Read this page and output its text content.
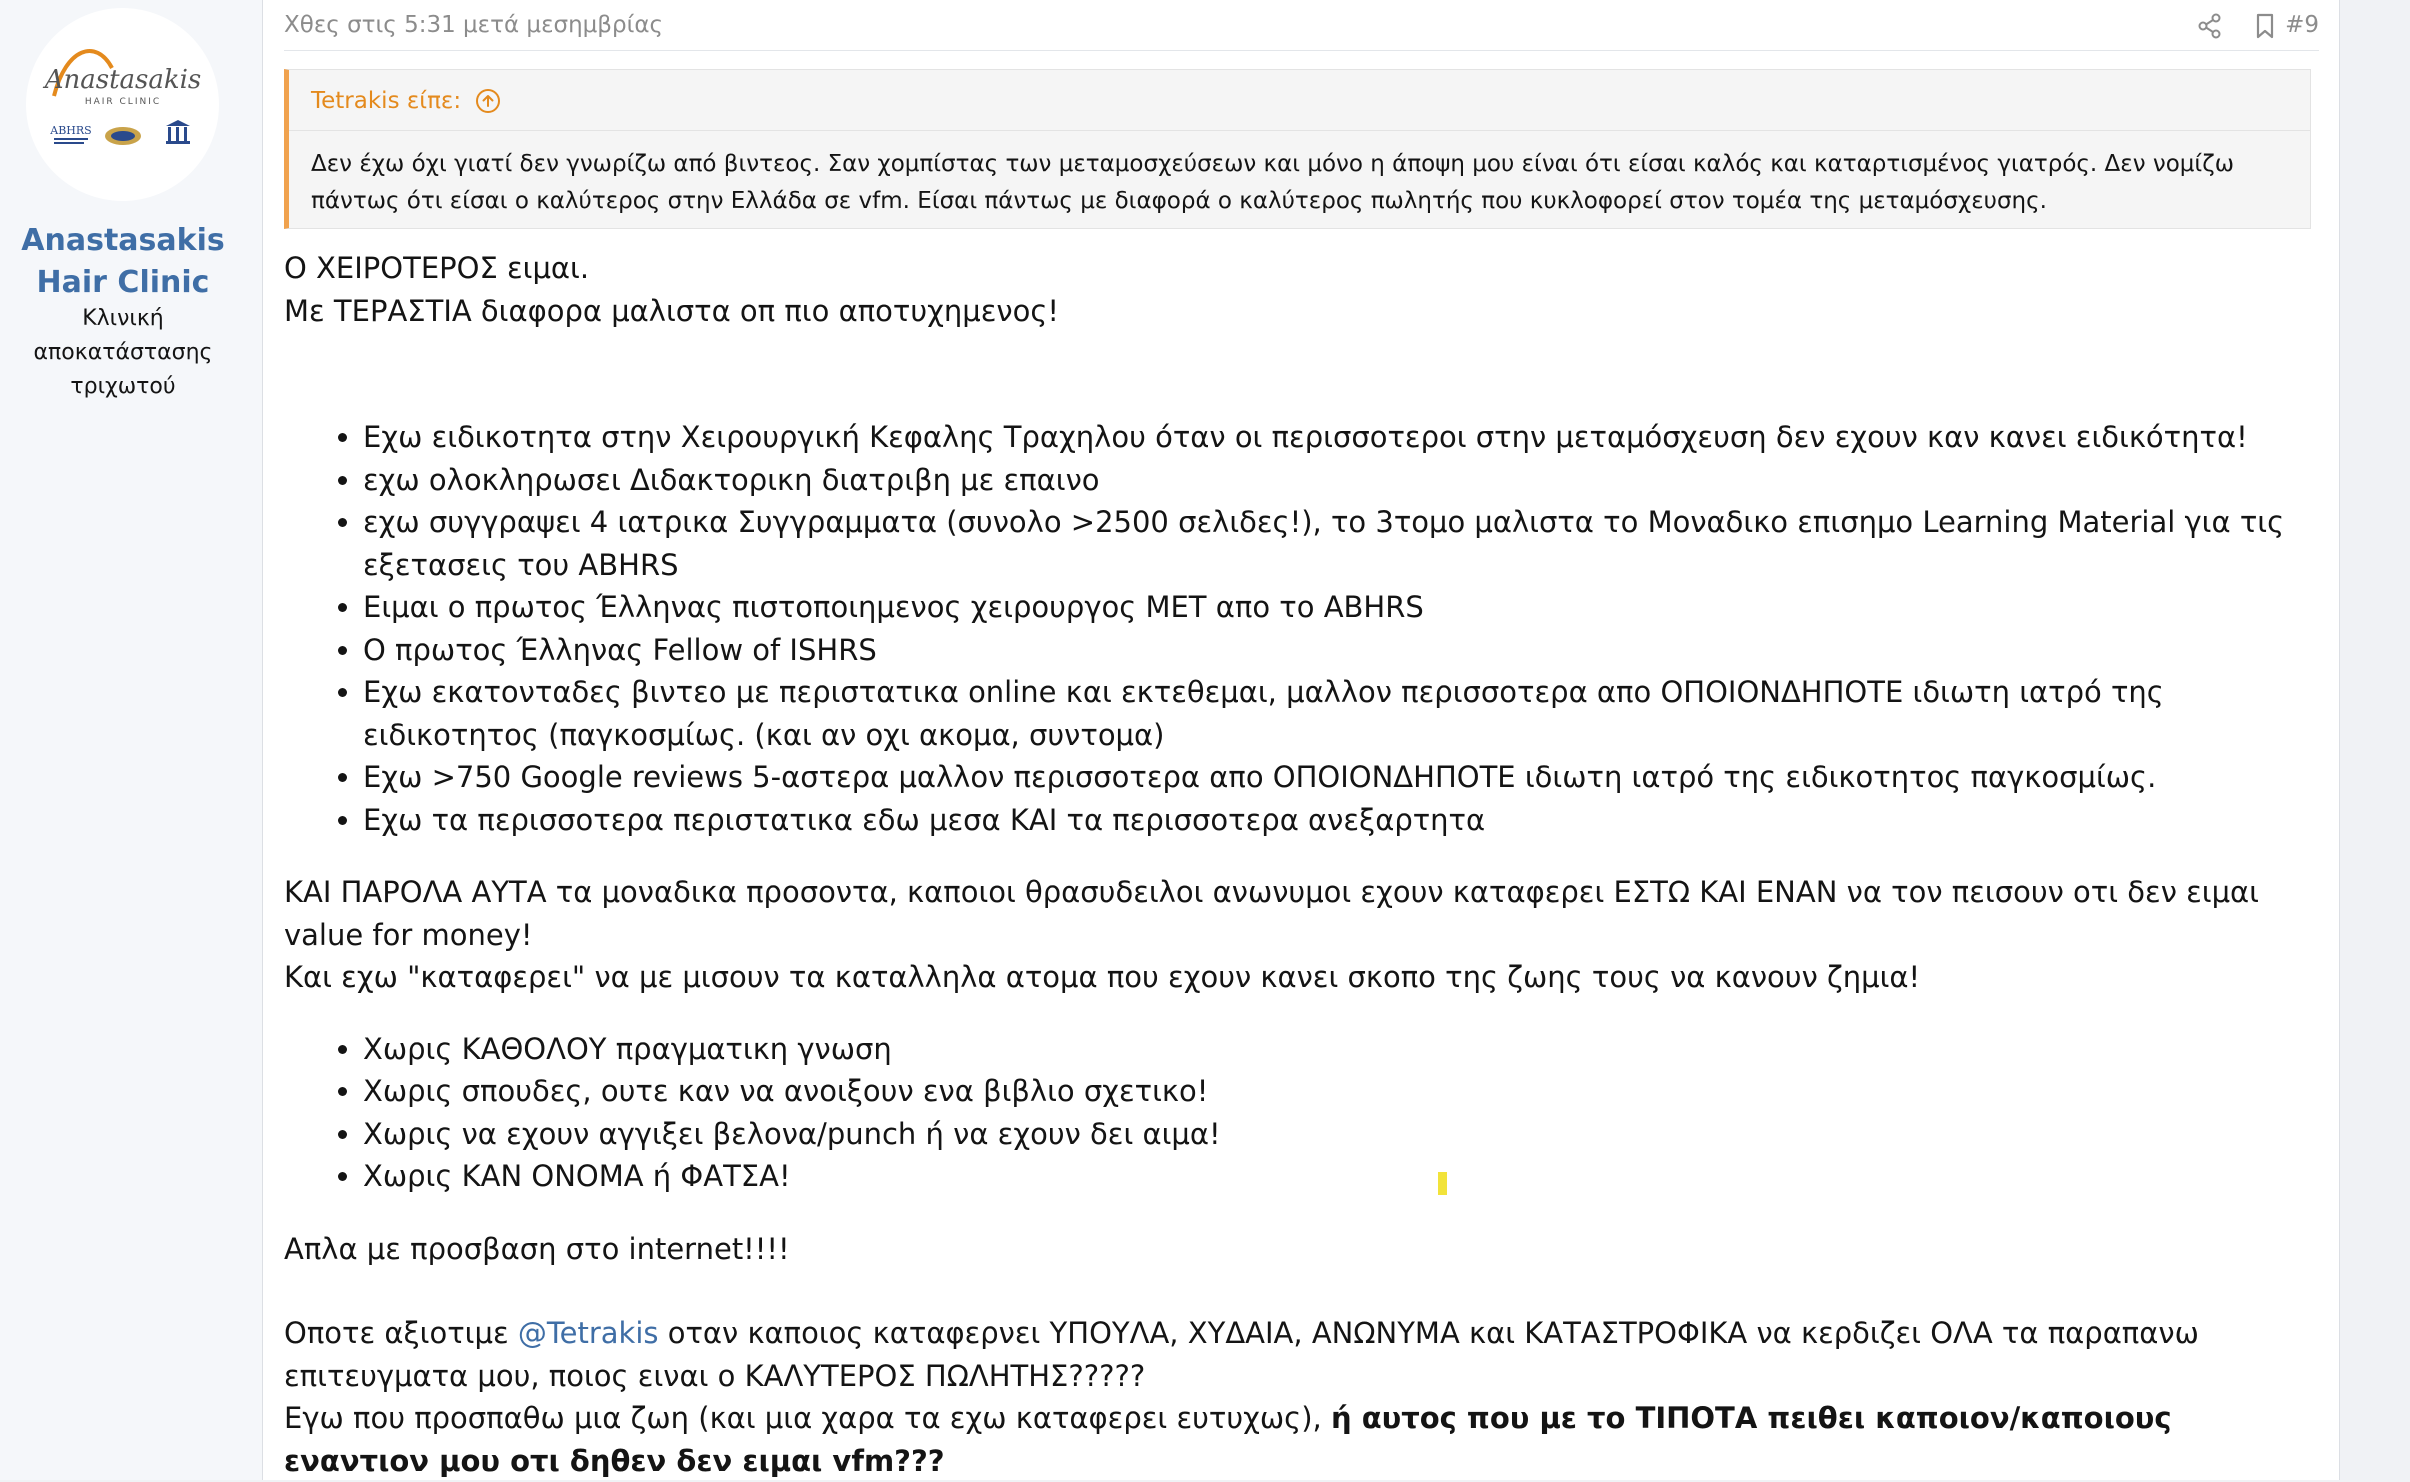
Anastasakis
HAIR CLINIC
ABHRS
Anastasakis Hair Clinic
Κλινική αποκατάστασης τριχωτού
Χθες στις 5:31 μετά μεσημβρίας	#9
Tetrakis είπε:
Δεν έχω όχι γιατί δεν γνωρίζω από βιντεος. Σαν χομπίστας των μεταμοσχεύσεων και μόνο η άποψη μου είναι ότι είσαι καλός και καταρτισμένος γιατρός. Δεν νομίζω πάντως ότι είσαι ο καλύτερος στην Ελλάδα σε vfm. Είσαι πάντως με διαφορά ο καλύτερος πωλητής που κυκλοφορεί στον τομέα της μεταμόσχευσης.

Ο ΧΕΙΡΟΤΕΡΟΣ ειμαι.

Με ΤΕΡΑΣΤΙΑ διαφορα μαλιστα οπ πιο αποτυχημενος!

• Εχω ειδικοτητα στην Χειρουργική Κεφαλης Τραχηλου όταν οι περισσοτεροι στην μεταμόσχευση δεν εχουν καν κανει ειδικότητα!
• εχω ολοκληρωσει Διδακτορικη διατριβη με επαινο
• εχω συγγραψει 4 ιατρικα Συγγραμματα (συνολο >2500 σελιδες!), το 3τομο μαλιστα το Μοναδικο επισημο Learning Material για τις εξετασεις του ABHRS
• Ειμαι ο πρωτος Έλληνας πιστοποιημενος χειρουργος ΜΕΤ απο το ABHRS
• Ο πρωτος Έλληνας Fellow of ISHRS
• Εχω εκατονταδες βιντεο με περιστατικα online και εκτεθεμαι, μαλλον περισσοτερα απο ΟΠΟΙΟΝΔΗΠΟΤΕ ιδιωτη ιατρό της ειδικοτητος (παγκοσμίως. (και αν οχι ακομα, συντομα)
• Εχω >750 Google reviews 5-αστερα μαλλον περισσοτερα απο ΟΠΟΙΟΝΔΗΠΟΤΕ ιδιωτη ιατρό της ειδικοτητος παγκοσμίως.
• Εχω τα περισσοτερα περιστατικα εδω μεσα ΚΑΙ τα περισσοτερα ανεξαρτητα

ΚΑΙ ΠΑΡΟΛΑ ΑΥΤΑ τα μοναδικα προσοντα, καποιοι θρασυδειλοι ανωνυμοι εχουν καταφερει ΕΣΤΩ ΚΑΙ ΕΝΑΝ να τον πεισουν οτι δεν ειμαι value for money!

Και εχω "καταφερει" να με μισουν τα καταλληλα ατομα που εχουν κανει σκοπο της ζωης τους να κανουν ζημια!

• Χωρις ΚΑΘΟΛΟΥ πραγματικη γνωση
• Χωρις σπουδες, ουτε καν να ανοιξουν ενα βιβλιο σχετικο!
• Χωρις να εχουν αγγιξει βελονα/punch ή να εχουν δει αιμα!
• Χωρις ΚΑΝ ΟΝΟΜΑ ή ΦΑΤΣΑ!

Απλα με προσβαση στο internet!!!!

Οποτε αξιοτιμε @Tetrakis οταν καποιος καταφερνει ΥΠΟΥΛΑ, ΧΥΔΑΙΑ, ΑΝΩΝΥΜΑ και ΚΑΤΑΣΤΡΟΦΙΚΑ να κερδιζει ΟΛΑ τα παραπανω επιτευγματα μου, ποιος ειναι ο ΚΑΛΥΤΕΡΟΣ ΠΩΛΗΤΗΣ?????

Εγω που προσπαθω μια ζωη (και μια χαρα τα εχω καταφερει ευτυχως), ή αυτος που με το ΤΙΠΟΤΑ πειθει καποιον/καποιους εναντιον μου οτι δηθεν δεν ειμαι vfm???
